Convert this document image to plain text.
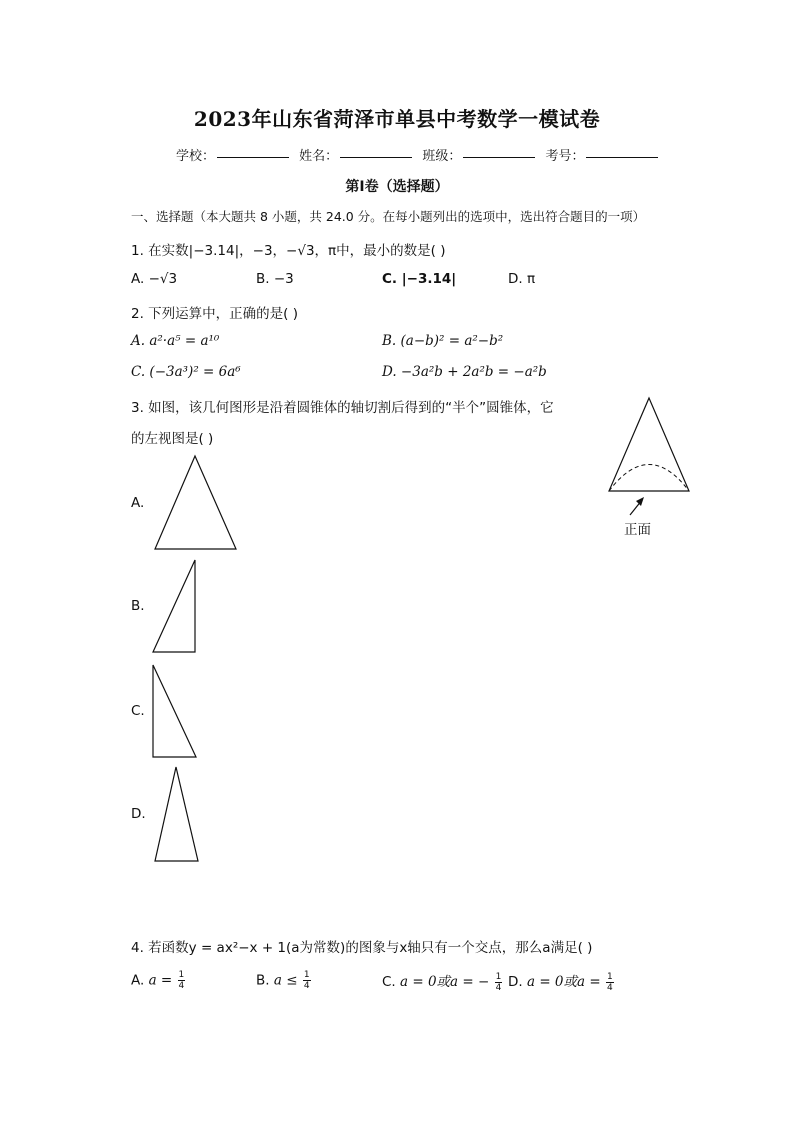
2023年山东省菏泽市单县中考数学一模试卷
学校：	姓名：	班级：	考号：
第I卷（选择题）
一、选择题（本大题共 8 小题，共 24.0 分。在每小题列出的选项中，选出符合题目的一项）
1. 在实数|−3.14|，−3，−√3，π中，最小的数是( )
A. −√3	B. −3	C. |−3.14|	D. π
2. 下列运算中，正确的是( )
A. a²·a⁵ = a¹⁰	B. (a−b)² = a²−b²
C. (−3a³)² = 6a⁶	D. −3a²b + 2a²b = −a²b
3. 如图，该几何图形是沿着圆锥体的轴切割后得到的“半个”圆锥体，它
的左视图是( )
正面
A.
B.
C.
D.
4. 若函数y = ax²−x + 1(a为常数)的图象与x轴只有一个交点，那么a满足( )
A. $a = \frac{1}{4}$	B. $a \le \frac{1}{4}$	C. a = 0或a = − $\frac{1}{4} D$. a = 0或$a = \frac{1}{4}$
